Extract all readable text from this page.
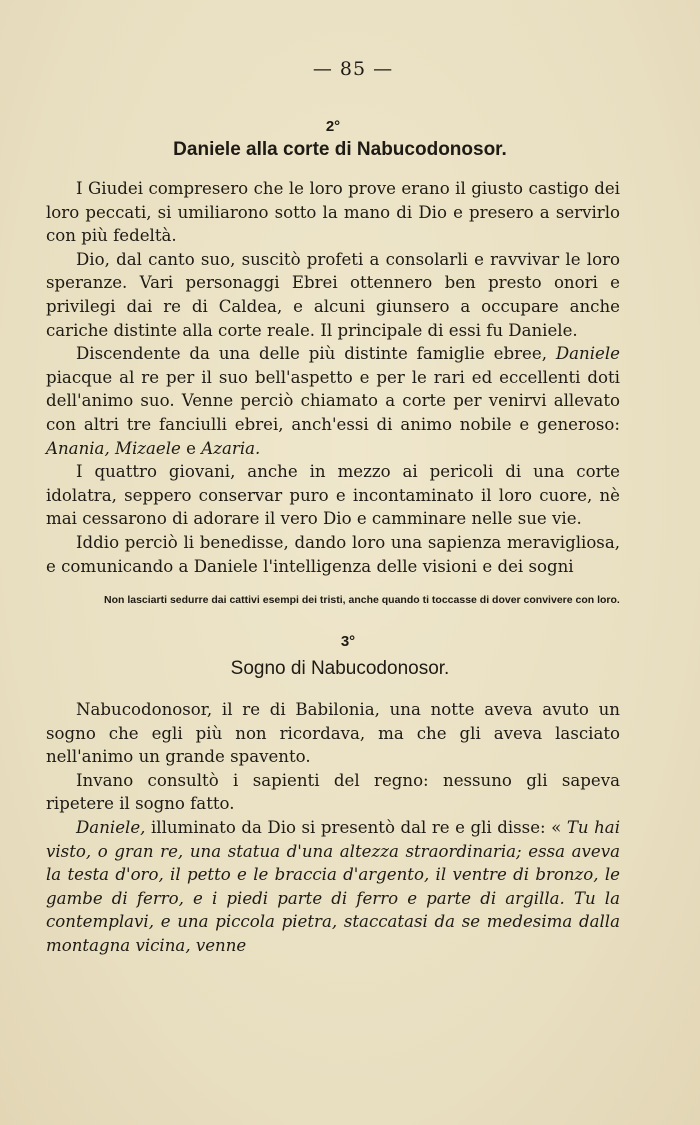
— 85 —
2°
Daniele alla corte di Nabucodonosor.

I Giudei compresero che le loro prove erano il giusto castigo dei loro peccati, si umiliarono sotto la mano di Dio e presero a servirlo con più fedeltà.

Dio, dal canto suo, suscitò profeti a consolarli e ravvivar le loro speranze. Vari personaggi Ebrei ottennero ben presto onori e privilegi dai re di Caldea, e alcuni giunsero a occupare anche cariche distinte alla corte reale. Il principale di essi fu Daniele.

Discendente da una delle più distinte famiglie ebree, Daniele piacque al re per il suo bell'aspetto e per le rari ed eccellenti doti dell'animo suo. Venne perciò chiamato a corte per venirvi allevato con altri tre fanciulli ebrei, anch'essi di animo nobile e generoso: Anania, Mizaele e Azaria.

I quattro giovani, anche in mezzo ai pericoli di una corte idolatra, seppero conservar puro e incontaminato il loro cuore, nè mai cessarono di adorare il vero Dio e camminare nelle sue vie.

Iddio perciò li benedisse, dando loro una sapienza meravigliosa, e comunicando a Daniele l'intelligenza delle visioni e dei sogni

Non lasciarti sedurre dai cattivi esempi dei tristi, anche quando ti toccasse di dover convivere con loro.
3°
Sogno di Nabucodonosor.

Nabucodonosor, il re di Babilonia, una notte aveva avuto un sogno che egli più non ricordava, ma che gli aveva lasciato nell'animo un grande spavento.

Invano consultò i sapienti del regno: nessuno gli sapeva ripetere il sogno fatto.

Daniele, illuminato da Dio si presentò dal re e gli disse: « Tu hai visto, o gran re, una statua d'una altezza straordinaria; essa aveva la testa d'oro, il petto e le braccia d'argento, il ventre di bronzo, le gambe di ferro, e i piedi parte di ferro e parte di argilla. Tu la contemplavi, e una piccola pietra, staccatasi da se medesima dalla montagna vicina, venne
